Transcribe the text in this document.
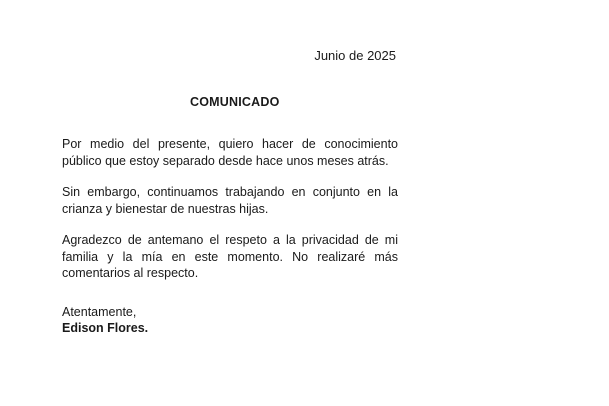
Junio de 2025
COMUNICADO

Por medio del presente, quiero hacer de conocimiento público que estoy separado desde hace unos meses atrás.

Sin embargo, continuamos trabajando en conjunto en la crianza y bienestar de nuestras hijas.

Agradezco de antemano el respeto a la privacidad de mi familia y la mía en este momento. No realizaré más comentarios al respecto.

Atentamente,
Edison Flores.
